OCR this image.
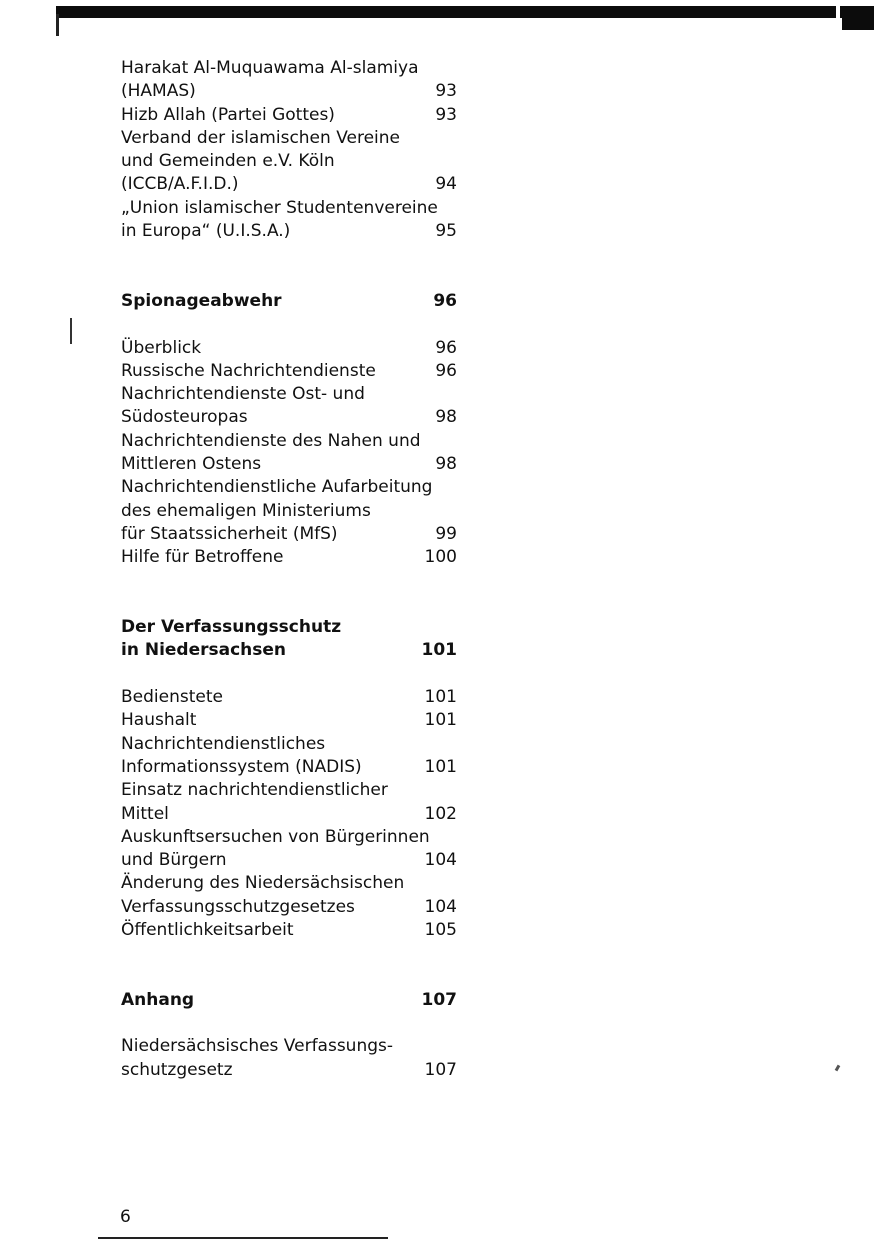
Harakat Al-Muquawama Al-slamiya
(HAMAS)	93
Hizb Allah (Partei Gottes)	93
Verband der islamischen Vereine
und Gemeinden e.V. Köln
(ICCB/A.F.I.D.)	94
„Union islamischer Studentenvereine
in Europa“ (U.I.S.A.)	95
Spionageabwehr	96
Überblick	96
Russische Nachrichtendienste	96
Nachrichtendienste Ost- und
Südosteuropas	98
Nachrichtendienste des Nahen und
Mittleren Ostens	98
Nachrichtendienstliche Aufarbeitung
des ehemaligen Ministeriums
für Staatssicherheit (MfS)	99
Hilfe für Betroffene	100
Der Verfassungsschutz
in Niedersachsen	101
Bedienstete	101
Haushalt	101
Nachrichtendienstliches
Informationssystem (NADIS)	101
Einsatz nachrichtendienstlicher
Mittel	102
Auskunftsersuchen von Bürgerinnen
und Bürgern	104
Änderung des Niedersächsischen
Verfassungsschutzgesetzes	104
Öffentlichkeitsarbeit	105
Anhang	107
Niedersächsisches Verfassungs-
schutzgesetz	107
6
